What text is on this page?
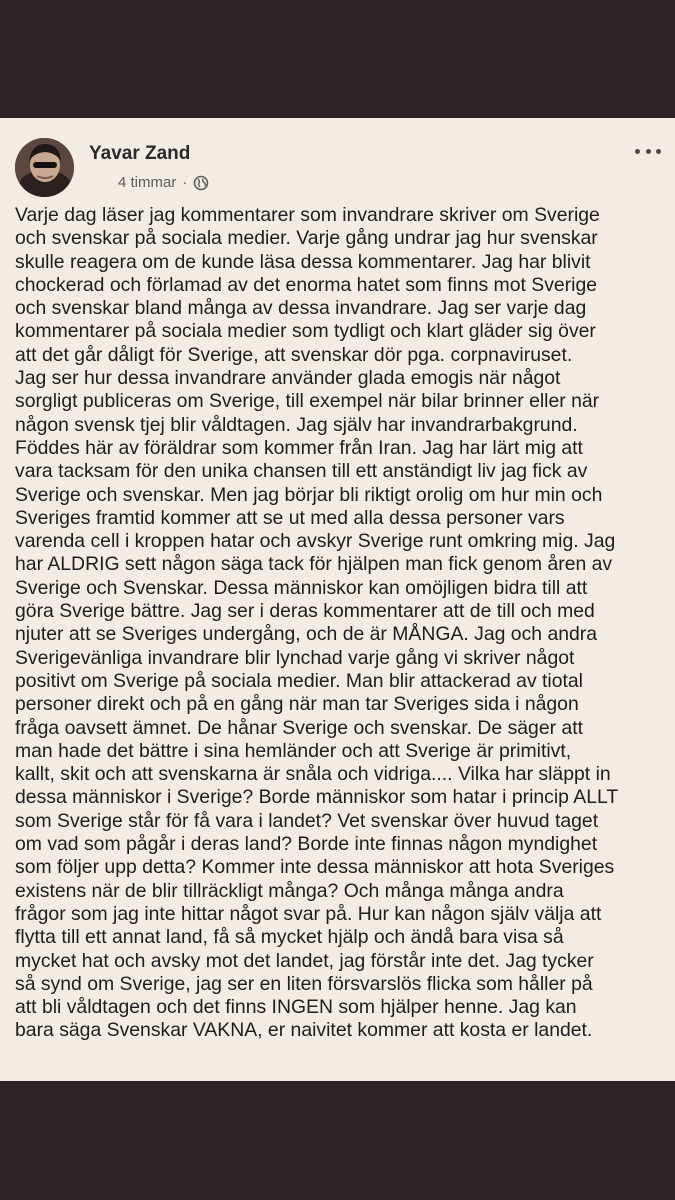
Yavar Zand
4 timmar ·
Varje dag läser jag kommentarer som invandrare skriver om Sverige
och svenskar på sociala medier. Varje gång undrar jag hur svenskar
skulle reagera om de kunde läsa dessa kommentarer. Jag har blivit
chockerad och förlamad av det enorma hatet som finns mot Sverige
och svenskar bland många av dessa invandrare. Jag ser varje dag
kommentarer på sociala medier som tydligt och klart gläder sig över
att det går dåligt för Sverige, att svenskar dör pga. corpnaviruset.
Jag ser hur dessa invandrare använder glada emogis när något
sorgligt publiceras om Sverige, till exempel när bilar brinner eller när
någon svensk tjej blir våldtagen. Jag själv har invandrarbakgrund.
Föddes här av föräldrar som kommer från Iran. Jag har lärt mig att
vara tacksam för den unika chansen till ett anständigt liv jag fick av
Sverige och svenskar. Men jag börjar bli riktigt orolig om hur min och
Sveriges framtid kommer att se ut med alla dessa personer vars
varenda cell i kroppen hatar och avskyr Sverige runt omkring mig. Jag
har ALDRIG sett någon säga tack för hjälpen man fick genom åren av
Sverige och Svenskar. Dessa människor kan omöjligen bidra till att
göra Sverige bättre. Jag ser i deras kommentarer att de till och med
njuter att se Sveriges undergång, och de är MÅNGA. Jag och andra
Sverigevänliga invandrare blir lynchad varje gång vi skriver något
positivt om Sverige på sociala medier. Man blir attackerad av tiotal
personer direkt och på en gång när man tar Sveriges sida i någon
fråga oavsett ämnet. De hånar Sverige och svenskar. De säger att
man hade det bättre i sina hemländer och att Sverige är primitivt,
kallt, skit och att svenskarna är snåla och vidriga.... Vilka har släppt in
dessa människor i Sverige? Borde människor som hatar i princip ALLT
som Sverige står för få vara i landet? Vet svenskar över huvud taget
om vad som pågår i deras land? Borde inte finnas någon myndighet
som följer upp detta? Kommer inte dessa människor att hota Sveriges
existens när de blir tillräckligt många? Och många många andra
frågor som jag inte hittar något svar på. Hur kan någon själv välja att
flytta till ett annat land, få så mycket hjälp och ändå bara visa så
mycket hat och avsky mot det landet, jag förstår inte det. Jag tycker
så synd om Sverige, jag ser en liten försvarslös flicka som håller på
att bli våldtagen och det finns INGEN som hjälper henne. Jag kan
bara säga Svenskar VAKNA, er naivitet kommer att kosta er landet.
